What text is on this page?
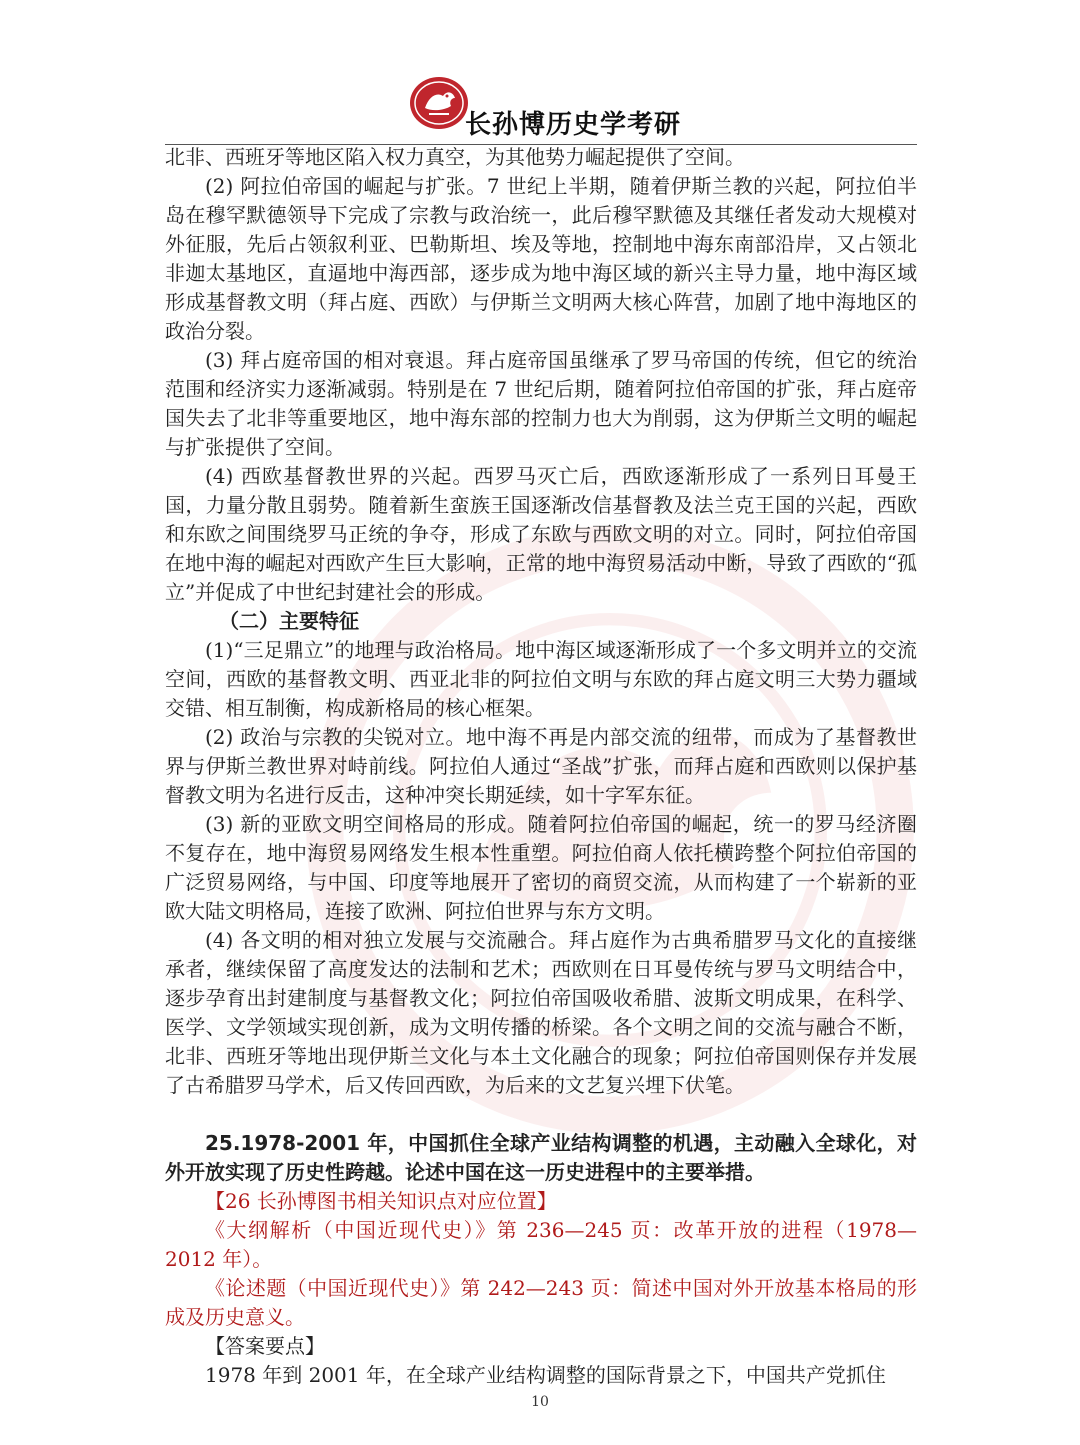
长孙博历史学考研

北非、西班牙等地区陷入权力真空，为其他势力崛起提供了空间。

(2) 阿拉伯帝国的崛起与扩张。7 世纪上半期，随着伊斯兰教的兴起，阿拉伯半岛在穆罕默德领导下完成了宗教与政治统一，此后穆罕默德及其继任者发动大规模对外征服，先后占领叙利亚、巴勒斯坦、埃及等地，控制地中海东南部沿岸，又占领北非迦太基地区，直逼地中海西部，逐步成为地中海区域的新兴主导力量，地中海区域形成基督教文明（拜占庭、西欧）与伊斯兰文明两大核心阵营，加剧了地中海地区的政治分裂。

(3) 拜占庭帝国的相对衰退。拜占庭帝国虽继承了罗马帝国的传统，但它的统治范围和经济实力逐渐减弱。特别是在 7 世纪后期，随着阿拉伯帝国的扩张，拜占庭帝国失去了北非等重要地区，地中海东部的控制力也大为削弱，这为伊斯兰文明的崛起与扩张提供了空间。

(4) 西欧基督教世界的兴起。西罗马灭亡后，西欧逐渐形成了一系列日耳曼王国，力量分散且弱势。随着新生蛮族王国逐渐改信基督教及法兰克王国的兴起，西欧和东欧之间围绕罗马正统的争夺，形成了东欧与西欧文明的对立。同时，阿拉伯帝国在地中海的崛起对西欧产生巨大影响，正常的地中海贸易活动中断，导致了西欧的“孤立”并促成了中世纪封建社会的形成。

（二）主要特征

(1)“三足鼎立”的地理与政治格局。地中海区域逐渐形成了一个多文明并立的交流空间，西欧的基督教文明、西亚北非的阿拉伯文明与东欧的拜占庭文明三大势力疆域交错、相互制衡，构成新格局的核心框架。

(2) 政治与宗教的尖锐对立。地中海不再是内部交流的纽带，而成为了基督教世界与伊斯兰教世界对峙前线。阿拉伯人通过“圣战”扩张，而拜占庭和西欧则以保护基督教文明为名进行反击，这种冲突长期延续，如十字军东征。

(3) 新的亚欧文明空间格局的形成。随着阿拉伯帝国的崛起，统一的罗马经济圈不复存在，地中海贸易网络发生根本性重塑。阿拉伯商人依托横跨整个阿拉伯帝国的广泛贸易网络，与中国、印度等地展开了密切的商贸交流，从而构建了一个崭新的亚欧大陆文明格局，连接了欧洲、阿拉伯世界与东方文明。

(4) 各文明的相对独立发展与交流融合。拜占庭作为古典希腊罗马文化的直接继承者，继续保留了高度发达的法制和艺术；西欧则在日耳曼传统与罗马文明结合中，逐步孕育出封建制度与基督教文化；阿拉伯帝国吸收希腊、波斯文明成果，在科学、医学、文学领域实现创新，成为文明传播的桥梁。各个文明之间的交流与融合不断，北非、西班牙等地出现伊斯兰文化与本土文化融合的现象；阿拉伯帝国则保存并发展了古希腊罗马学术，后又传回西欧，为后来的文艺复兴埋下伏笔。

25.1978-2001 年，中国抓住全球产业结构调整的机遇，主动融入全球化，对外开放实现了历史性跨越。论述中国在这一历史进程中的主要举措。

【26 长孙博图书相关知识点对应位置】

《大纲解析（中国近现代史）》第 236—245 页：改革开放的进程（1978—2012 年）。

《论述题（中国近现代史）》第 242—243 页：简述中国对外开放基本格局的形成及历史意义。

【答案要点】

1978 年到 2001 年，在全球产业结构调整的国际背景之下，中国共产党抓住

10
